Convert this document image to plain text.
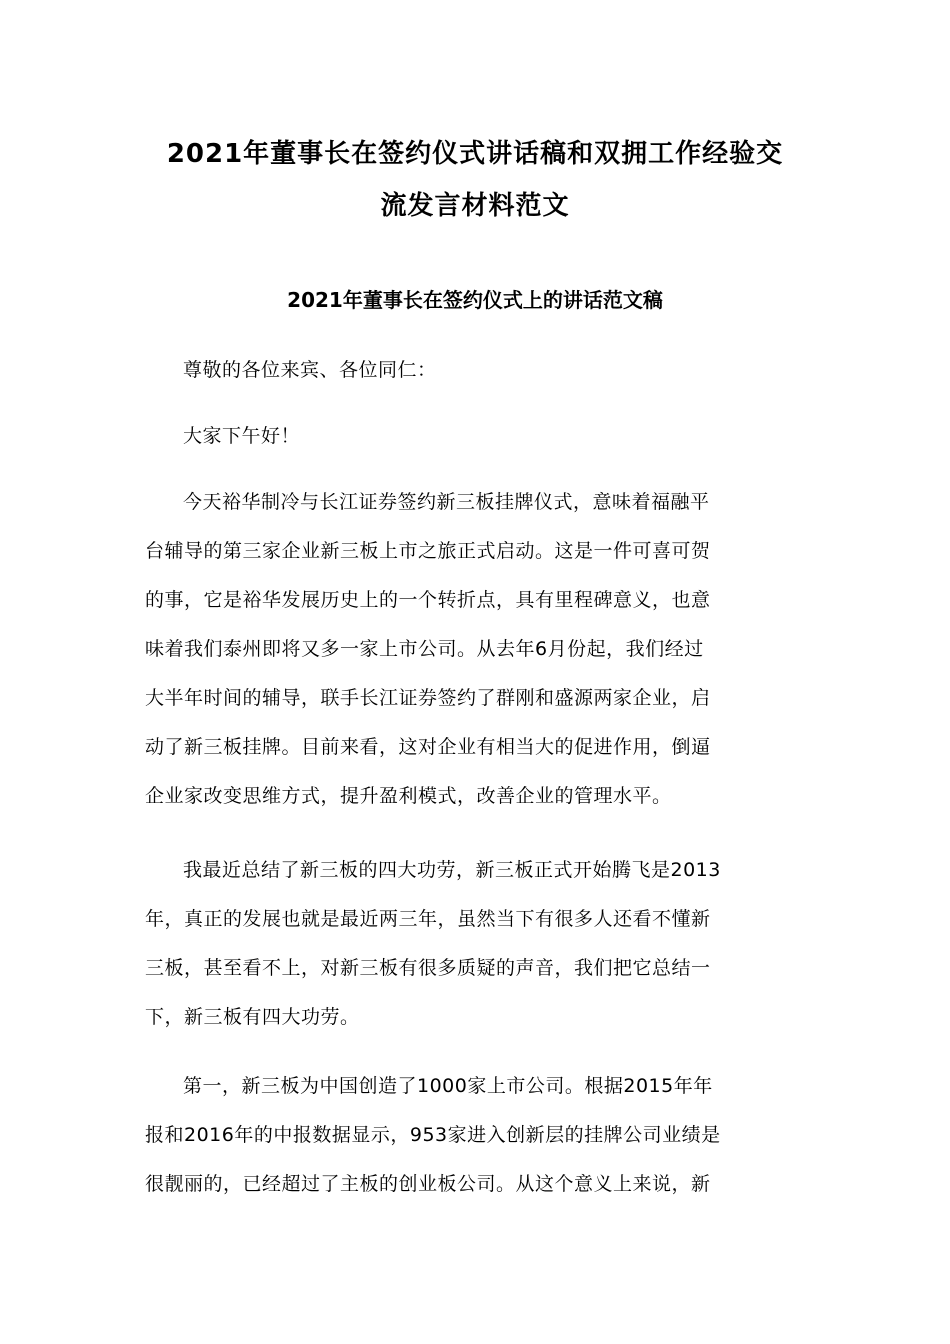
2021年董事长在签约仪式讲话稿和双拥工作经验交
流发言材料范文
2021年董事长在签约仪式上的讲话范文稿

尊敬的各位来宾、各位同仁：

大家下午好！

今天裕华制冷与长江证券签约新三板挂牌仪式，意味着福融平
台辅导的第三家企业新三板上市之旅正式启动。这是一件可喜可贺
的事，它是裕华发展历史上的一个转折点，具有里程碑意义，也意
味着我们泰州即将又多一家上市公司。从去年6月份起，我们经过
大半年时间的辅导，联手长江证券签约了群刚和盛源两家企业，启
动了新三板挂牌。目前来看，这对企业有相当大的促进作用，倒逼
企业家改变思维方式，提升盈利模式，改善企业的管理水平。

我最近总结了新三板的四大功劳，新三板正式开始腾飞是2013
年，真正的发展也就是最近两三年，虽然当下有很多人还看不懂新
三板，甚至看不上，对新三板有很多质疑的声音，我们把它总结一
下，新三板有四大功劳。

第一，新三板为中国创造了1000家上市公司。根据2015年年
报和2016年的中报数据显示，953家进入创新层的挂牌公司业绩是
很靓丽的，已经超过了主板的创业板公司。从这个意义上来说，新
